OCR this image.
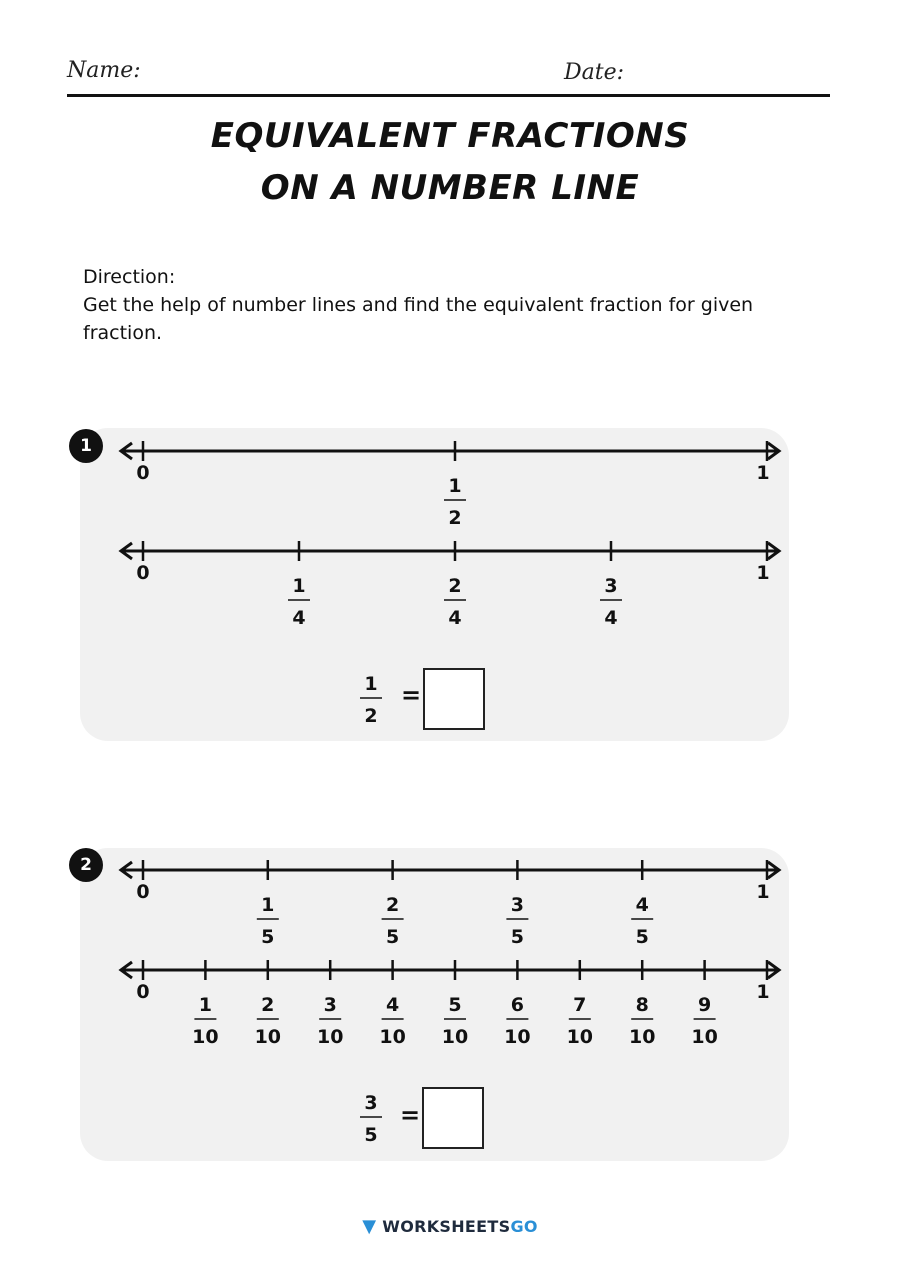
Name:	Date:
EQUIVALENT FRACTIONS
ON A NUMBER LINE
Direction:
Get the help of number lines and find the equivalent fraction for given fraction.
1
0
1
2
1
0
1
4
2
4
3
4
1
1
2
=
2
0
1
5
2
5
3
5
4
5
1
0
1
10
2
10
3
10
4
10
5
10
6
10
7
10
8
10
9
10
1
3
5
=
▼ WORKSHEETSGO
